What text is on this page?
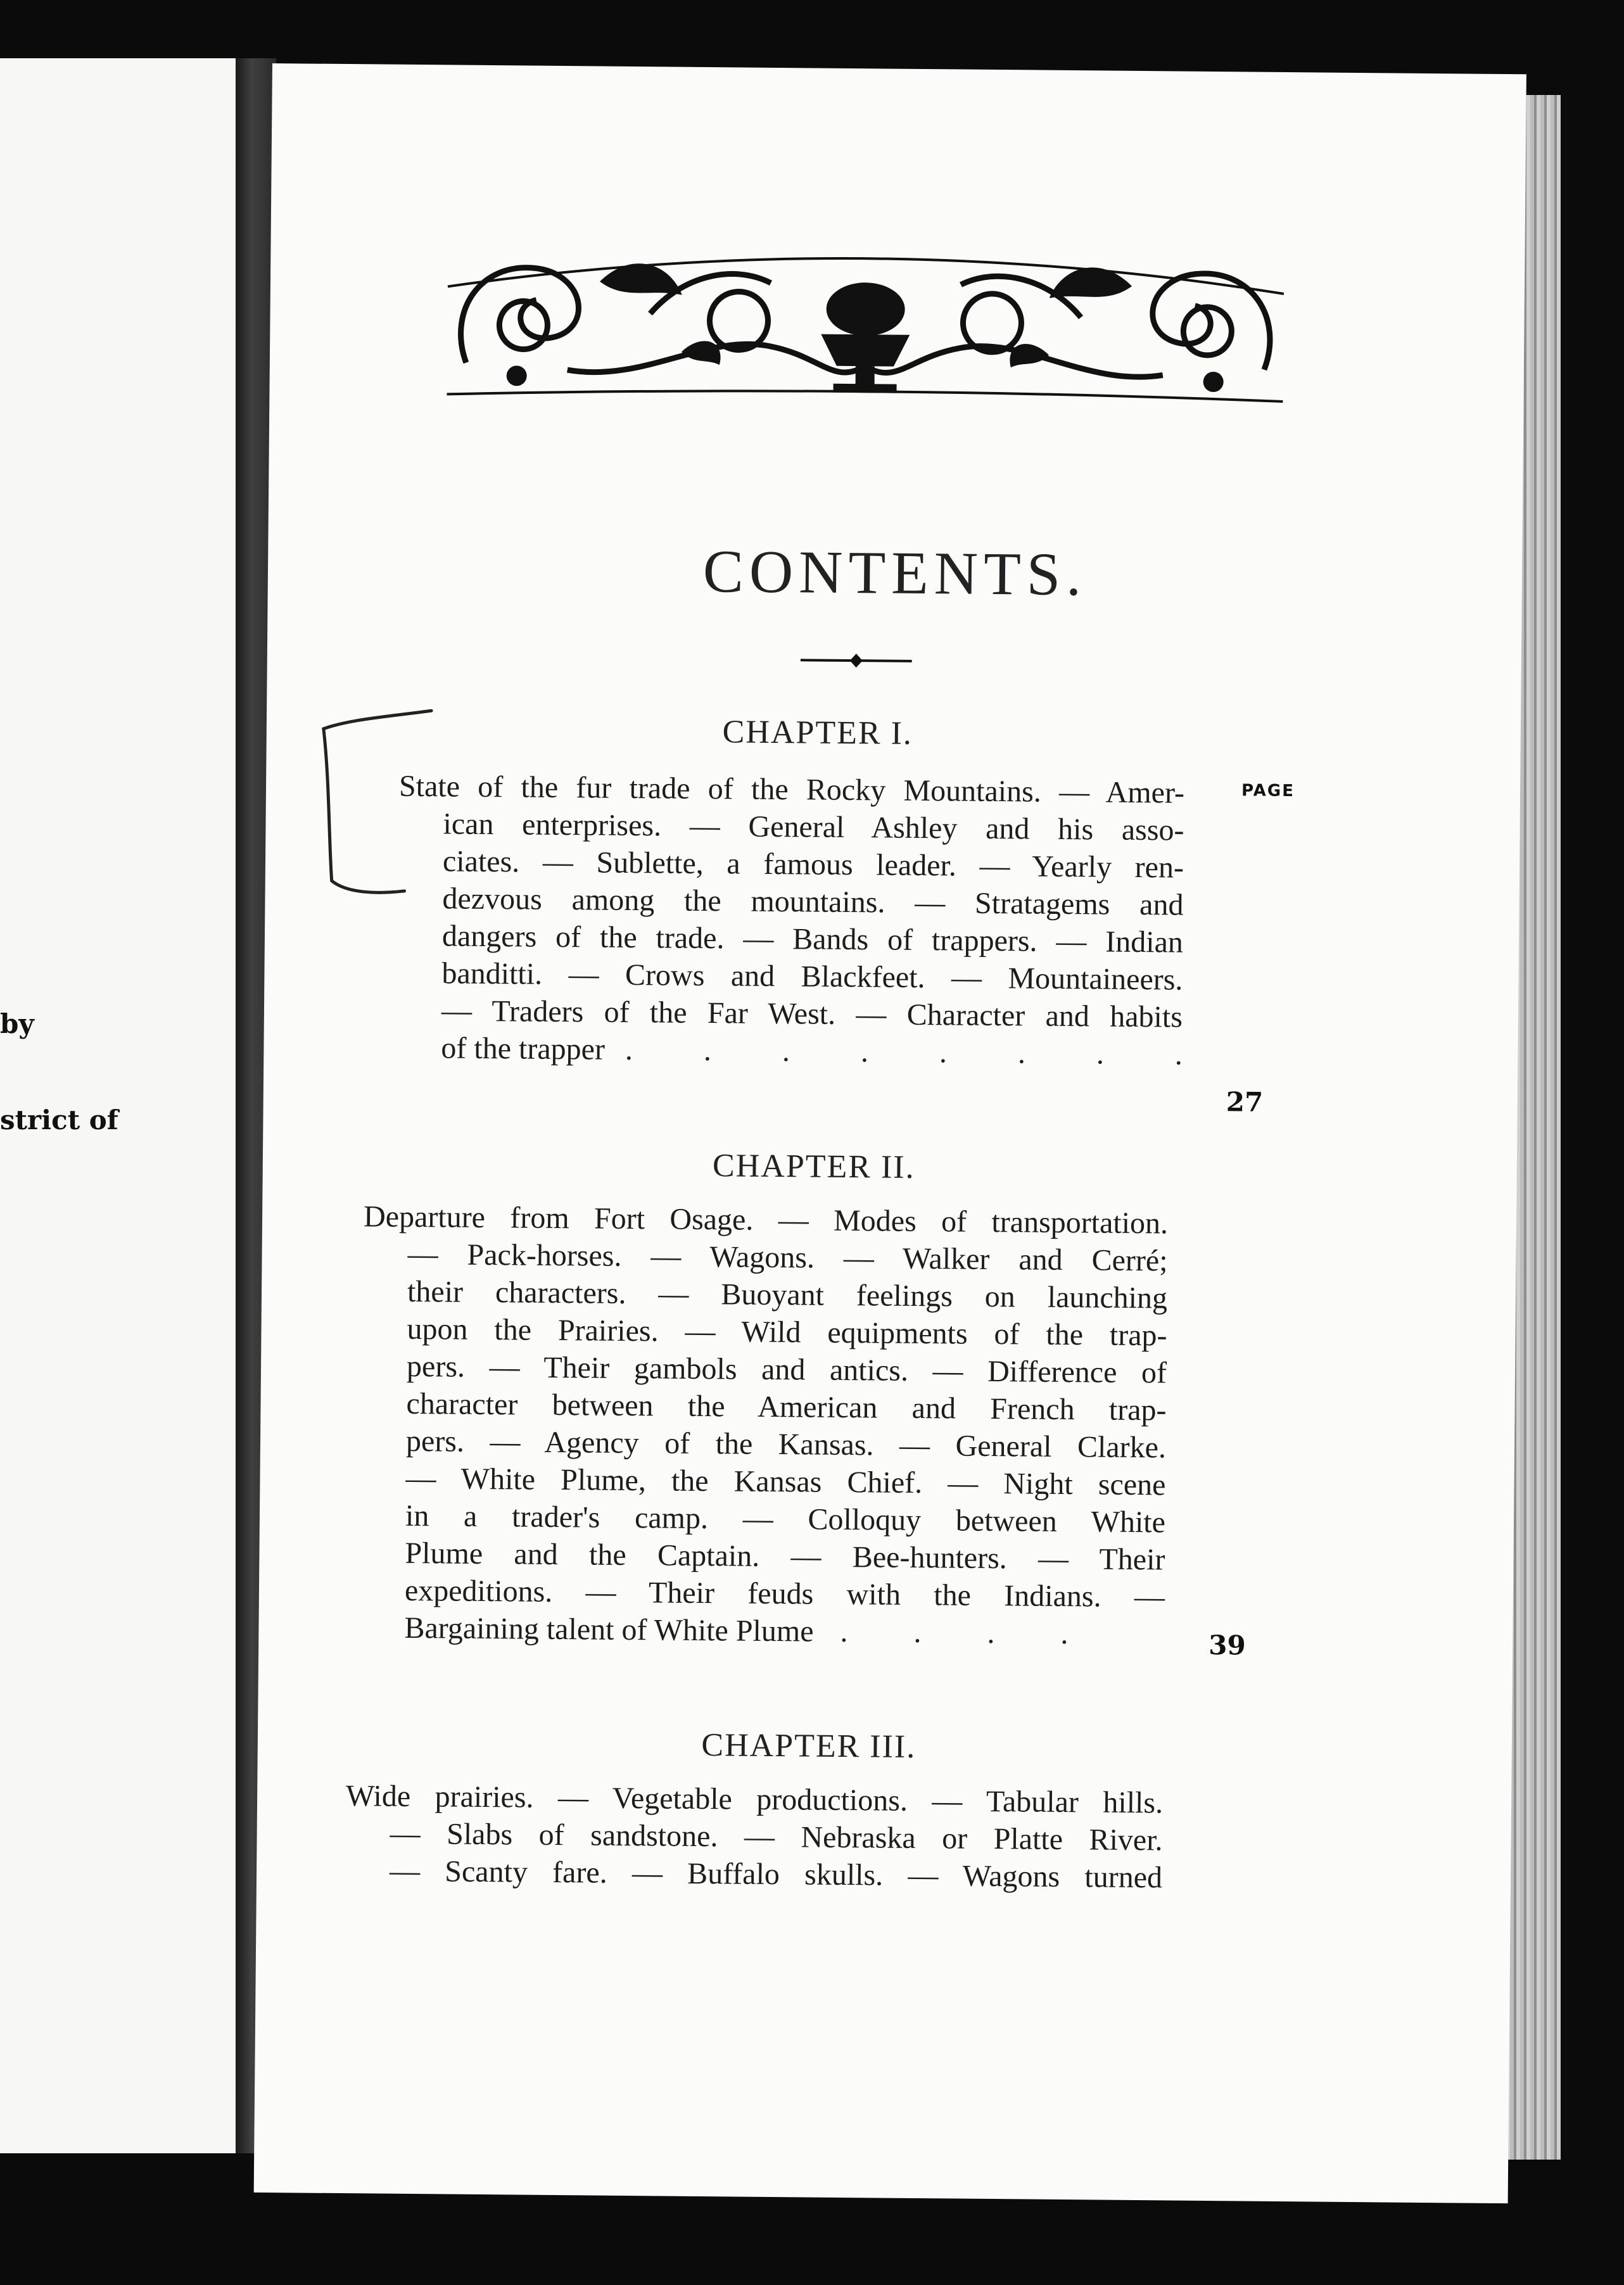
by
strict of
CONTENTS.
PAGE
CHAPTER I.
State of the fur trade of the Rocky Mountains. — Amer-
ican enterprises. — General Ashley and his asso-
ciates. — Sublette, a famous leader. — Yearly ren-
dezvous among the mountains. — Stratagems and
dangers of the trade. — Bands of trappers. — Indian
banditti. — Crows and Blackfeet. — Mountaineers.
— Traders of the Far West. — Character and habits
of the trapper . . . . . . . .
27
CHAPTER II.
Departure from Fort Osage. — Modes of transportation.
— Pack-horses. — Wagons. — Walker and Cerré;
their characters. — Buoyant feelings on launching
upon the Prairies. — Wild equipments of the trap-
pers. — Their gambols and antics. — Difference of
character between the American and French trap-
pers. — Agency of the Kansas. — General Clarke.
— White Plume, the Kansas Chief. — Night scene
in a trader's camp. — Colloquy between White
Plume and the Captain. — Bee-hunters. — Their
expeditions. — Their feuds with the Indians. —
Bargaining talent of White Plume . . . .	39
CHAPTER III.
Wide prairies. — Vegetable productions. — Tabular hills.
— Slabs of sandstone. — Nebraska or Platte River.
— Scanty fare. — Buffalo skulls. — Wagons turned
